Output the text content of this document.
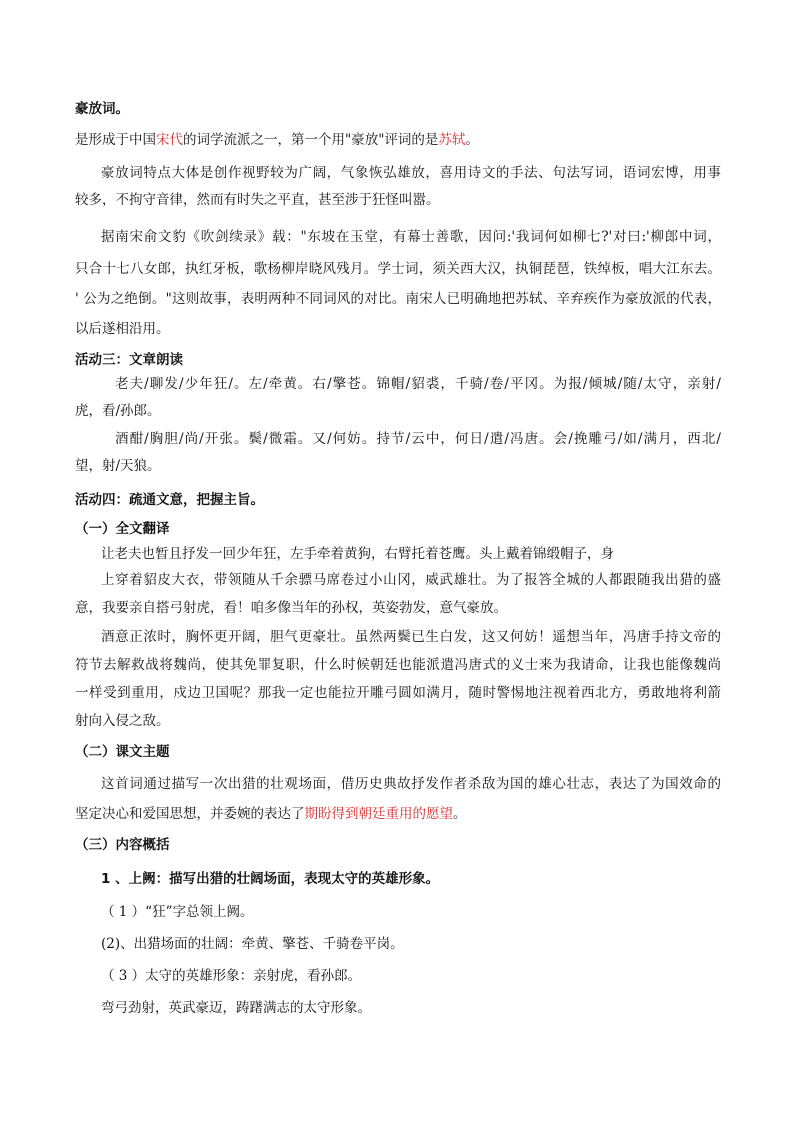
豪放词。
是形成于中国宋代的词学流派之一，第一个用"豪放"评词的是苏轼。
豪放词特点大体是创作视野较为广阔，气象恢弘雄放，喜用诗文的手法、句法写词，语词宏博，用事
较多，不拘守音律，然而有时失之平直，甚至涉于狂怪叫嚣。
据南宋俞文豹《吹剑续录》载："东坡在玉堂，有幕士善歌，因问:'我词何如柳七?'对曰:'柳郎中词，
只合十七八女郎，执红牙板，歌杨柳岸晓风残月。学士词，须关西大汉，执铜琵琶，铁绰板，唱大江东去。
' 公为之绝倒。"这则故事，表明两种不同词风的对比。南宋人已明确地把苏轼、辛弃疾作为豪放派的代表，
以后遂相沿用。
活动三：文章朗读
老夫/聊发/少年狂/。左/牵黄。右/擎苍。锦帽/貂裘，千骑/卷/平冈。为报/倾城/随/太守，亲射/
虎，看/孙郎。
酒酣/胸胆/尚/开张。鬓/微霜。又/何妨。持节/云中，何日/遣/冯唐。会/挽雕弓/如/满月，西北/
望，射/天狼。
活动四：疏通文意，把握主旨。
（一）全文翻译
让老夫也暂且抒发一回少年狂，左手牵着黄狗，右臂托着苍鹰。头上戴着锦缎帽子，身
上穿着貂皮大衣，带领随从千余骠马席卷过小山冈，威武雄壮。为了报答全城的人都跟随我出猎的盛
意，我要亲自搭弓射虎，看！咱多像当年的孙权，英姿勃发，意气豪放。
酒意正浓时，胸怀更开阔，胆气更豪壮。虽然两鬓已生白发，这又何妨！遥想当年，冯唐手持文帝的
符节去解救战将魏尚，使其免罪复职，什么时候朝廷也能派遣冯唐式的义士来为我请命，让我也能像魏尚
一样受到重用，戍边卫国呢？那我一定也能拉开雕弓圆如满月，随时警惕地注视着西北方，勇敢地将利箭
射向入侵之敌。
（二）课文主题
这首词通过描写一次出猎的壮观场面，借历史典故抒发作者杀敌为国的雄心壮志，表达了为国效命的
坚定决心和爱国思想，并委婉的表达了期盼得到朝廷重用的愿望。
（三）内容概括
1 、上阙：描写出猎的壮阔场面，表现太守的英雄形象。
（ 1 ）“狂”字总领上阙。
(2)、出猎场面的壮阔：牵黄、擎苍、千骑卷平岗。
（ 3 ）太守的英雄形象：亲射虎，看孙郎。
弯弓劲射，英武豪迈，踌躇满志的太守形象。
